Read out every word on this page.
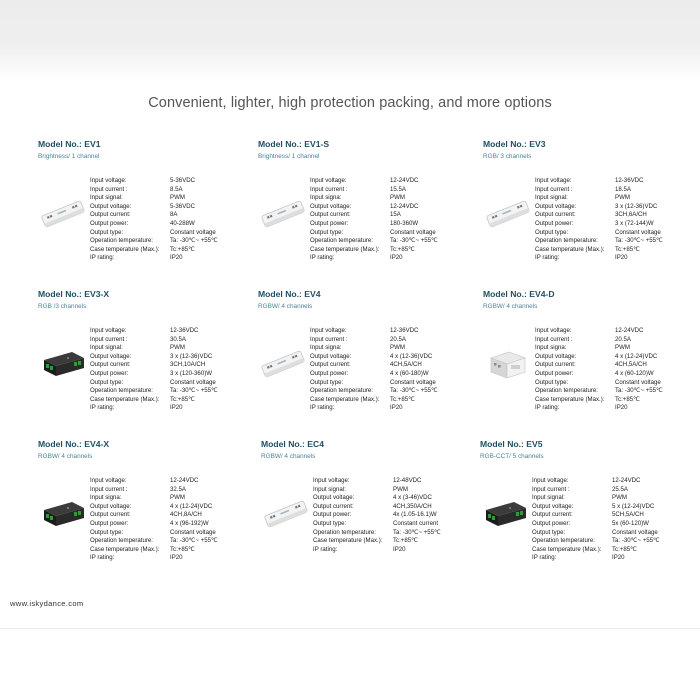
Convenient, lighter, high protection packing, and more options
Model No.: EV1
Brightness/ 1 channel
Input voltage:	5-36VDC
Input current :	8.5A
Input signal:	PWM
Output voltage:	5-36VDC
Output current:	8A
Output power:	40-288W
Output type:	Constant voltage
Operation temperature:	Ta: -30℃~ +55℃
Case temperature (Max.):	Tc:+85℃
IP rating:	IP20
Model No.: EV1-S
Brightness/ 1 channel
Input voltage:	12-24VDC
Input current :	15.5A
Input signa:	PWM
Output voltage:	12-24VDC
Output current:	15A
Output power:	180-360W
Output type:	Constant voltage
Operation temperature:	Ta: -30℃~ +55℃
Case temperature (Max.):	Tc:+85℃
IP rating:	IP20
Model No.: EV3
RGB/ 3 channels
Input voltage:	12-36VDC
Input current :	18.5A
Input signal:	PWM
Output voltage:	3 x (12-36)VDC
Output current:	3CH,6A/CH
Output power:	3 x (72-144)W
Output type:	Constant voltage
Operation temperature:	Ta: -30℃~ +55℃
Case temperature (Max.):	Tc:+85℃
IP rating:	IP20
Model No.: EV3-X
RGB /3 channels
Input voltage:	12-36VDC
Input current :	30.5A
Input signal:	PWM
Output voltage:	3 x (12-36)VDC
Output current:	3CH,10A/CH
Output power:	3 x (120-360)W
Output type:	Constant voltage
Operation temperature:	Ta: -30℃~ +55℃
Case temperature (Max.):	Tc:+85℃
IP rating:	IP20
Model No.: EV4
RGBW/ 4 channels
Input voltage:	12-36VDC
Input current :	20.5A
Input signa:	PWM
Output voltage:	4 x (12-36)VDC
Output current:	4CH,5A/CH
Output power:	4 x (60-180)W
Output type:	Constant voltage
Operation temperature:	Ta: -30℃~ +55℃
Case temperature (Max.):	Tc:+85℃
IP rating:	IP20
Model No.: EV4-D
RGBW/ 4 channels
Input voltage:	12-24VDC
Input current :	20.5A
Input signa:	PWM
Output voltage:	4 x (12-24)VDC
Output current:	4CH,5A/CH
Output power:	4 x (60-120)W
Output type:	Constant voltage
Operation temperature:	Ta: -30℃~ +55℃
Case temperature (Max.):	Tc:+85℃
IP rating:	IP20
Model No.: EV4-X
RGBW/ 4 channels
Input voltage:	12-24VDC
Input current :	32.5A
Input signa:	PWM
Output voltage:	4 x (12-24)VDC
Output current:	4CH,8A/CH
Output power:	4 x (96-192)W
Output type:	Constant voltage
Operation temperature:	Ta: -30℃~ +55℃
Case temperature (Max.):	Tc:+85℃
IP rating:	IP20
Model No.: EC4
RGBW/ 4 channels
Input voltage:	12-48VDC
Input signal:	PWM
Output voltage:	4 x (3-46)VDC
Output current:	4CH,350A/CH
Output power:	4x (1.05-16.1)W
Output type:	Constant current
Operation temperature:	Ta: -30℃~ +55℃
Case temperature (Max.):	Tc:+85℃
IP rating:	IP20
Model No.: EV5
RGB-CCT/ 5 channels
Input voltage:	12-24VDC
Input current :	25.5A
Input signal:	PWM
Output voltage:	5 x (12-24)VDC
Output current:	5CH,5A/CH
Output power:	5x (60-120)W
Output type:	Constant voltage
Operation temperature:	Ta: -30℃~ +55℃
Case temperature (Max.):	Tc:+85℃
IP rating:	IP20
www.iskydance.com
